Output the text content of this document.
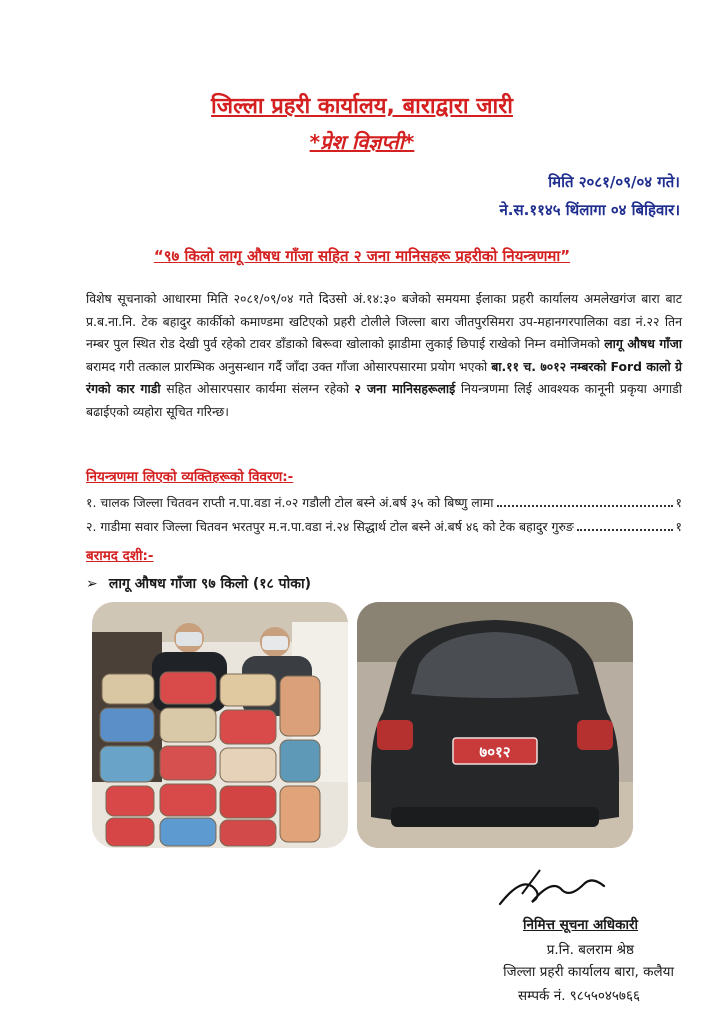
जिल्ला प्रहरी कार्यालय, बाराद्वारा जारी
*प्रेश विज्ञप्ती*
मिति २०८१/०९/०४ गते।
ने.स.११४५ थिंलागा ०४ बिहिवार।
“९७ किलो लागू औषध गाँजा सहित २ जना मानिसहरू प्रहरीको नियन्त्रणमा”
विशेष सूचनाको आधारमा मिति २०८१/०९/०४ गते दिउसो अं.१४:३० बजेको समयमा ईलाका प्रहरी कार्यालय अमलेखगंज बारा बाट प्र.ब.ना.नि. टेक बहादुर कार्कीको कमाण्डमा खटिएको प्रहरी टोलीले जिल्ला बारा जीतपुरसिमरा उप-महानगरपालिका वडा नं.२२ तिन नम्बर पुल स्थित रोड देखी पुर्व रहेको टावर डाँडाको बिरूवा खोलाको झाडीमा लुकाई छिपाई राखेको निम्न वमोजिमको लागू औषध गाँजा बरामद गरी तत्काल प्रारम्भिक अनुसन्धान गर्दै जाँदा उक्त गाँजा ओसारपसारमा प्रयोग भएको बा.११ च. ७०१२ नम्बरको Ford कालो ग्रे रंगको कार गाडी सहित ओसारपसार कार्यमा संलग्न रहेको २ जना मानिसहरूलाई नियन्त्रणमा लिई आवश्यक कानूनी प्रकृया अगाडी बढाईएको व्यहोरा सूचित गरिन्छ।
नियन्त्रणमा लिएको व्यक्तिहरूको विवरण:-
१. चालक जिल्ला चितवन राप्ती न.पा.वडा नं.०२ गडौली टोल बस्ने अं.बर्ष ३५ को बिष्णु लामा	१
२. गाडीमा सवार जिल्ला चितवन भरतपुर म.न.पा.वडा नं.२४ सिद्धार्थ टोल बस्ने अं.बर्ष ४६ को टेक बहादुर गुरुङ	१
बरामद दशी:-
➢ लागू औषध गाँजा ९७ किलो (१८ पोका)
७०१२
निमित्त सूचना अधिकारी
प्र.नि. बलराम श्रेष्ठ
जिल्ला प्रहरी कार्यालय बारा, कलैया
सम्पर्क नं. ९८५५०४५७६६
